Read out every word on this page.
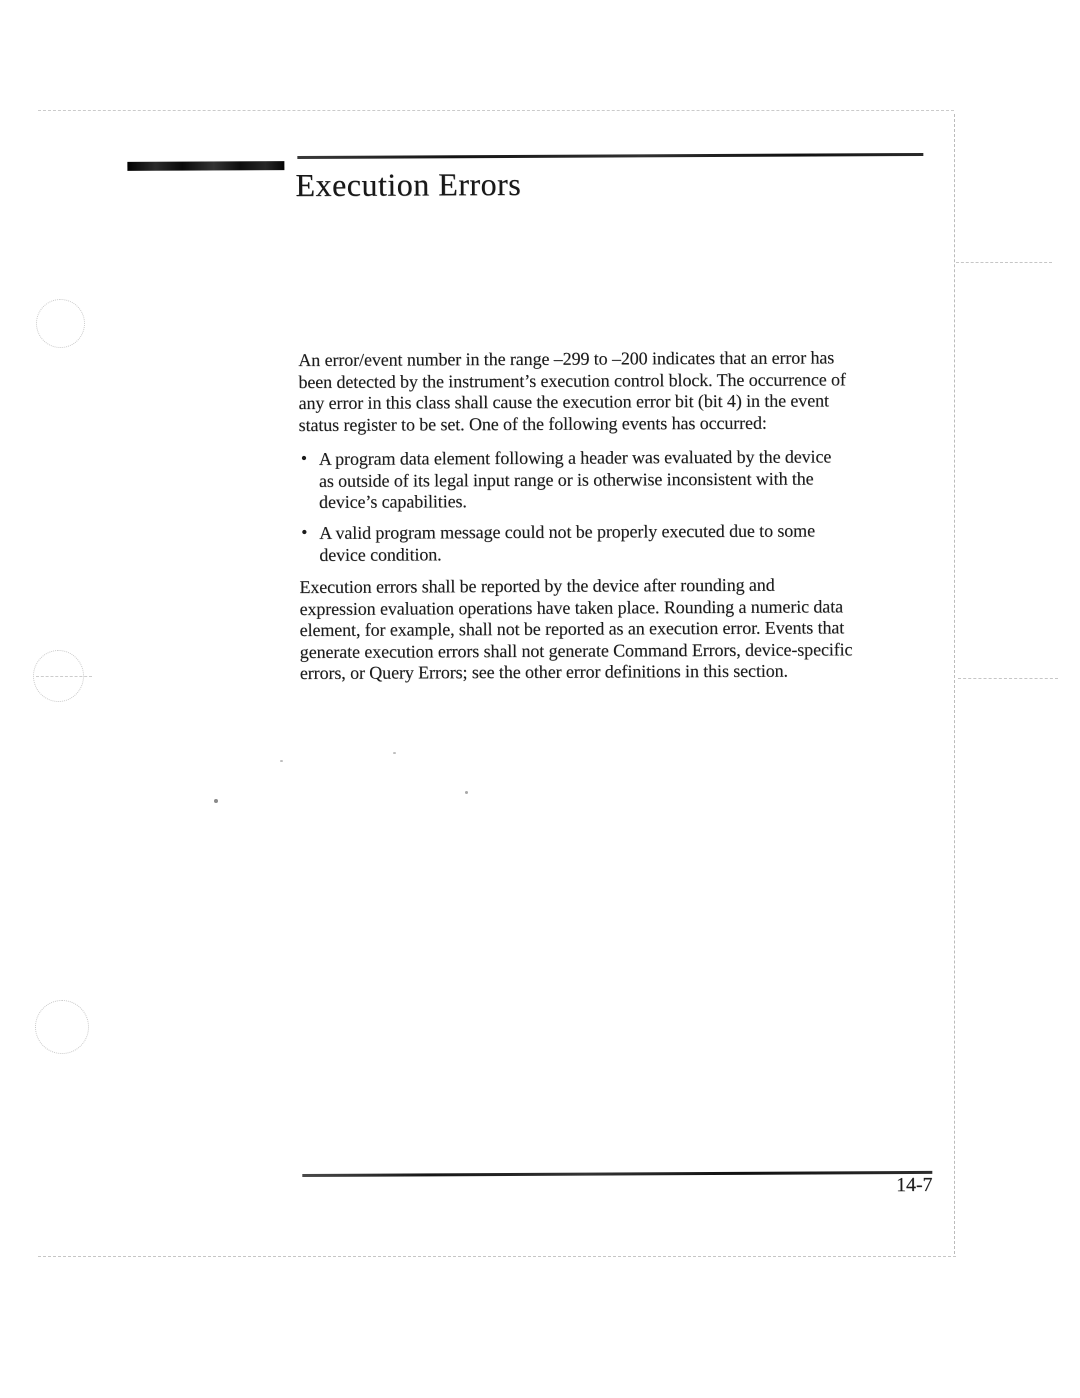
Execution Errors
An error/event number in the range –299 to –200 indicates that an error has
been detected by the instrument’s execution control block. The occurrence of
any error in this class shall cause the execution error bit (bit 4) in the event
status register to be set. One of the following events has occurred:
• A program data element following a header was evaluated by the device
as outside of its legal input range or is otherwise inconsistent with the
device’s capabilities.
• A valid program message could not be properly executed due to some
device condition.
Execution errors shall be reported by the device after rounding and
expression evaluation operations have taken place. Rounding a numeric data
element, for example, shall not be reported as an execution error. Events that
generate execution errors shall not generate Command Errors, device-specific
errors, or Query Errors; see the other error definitions in this section.
14-7
